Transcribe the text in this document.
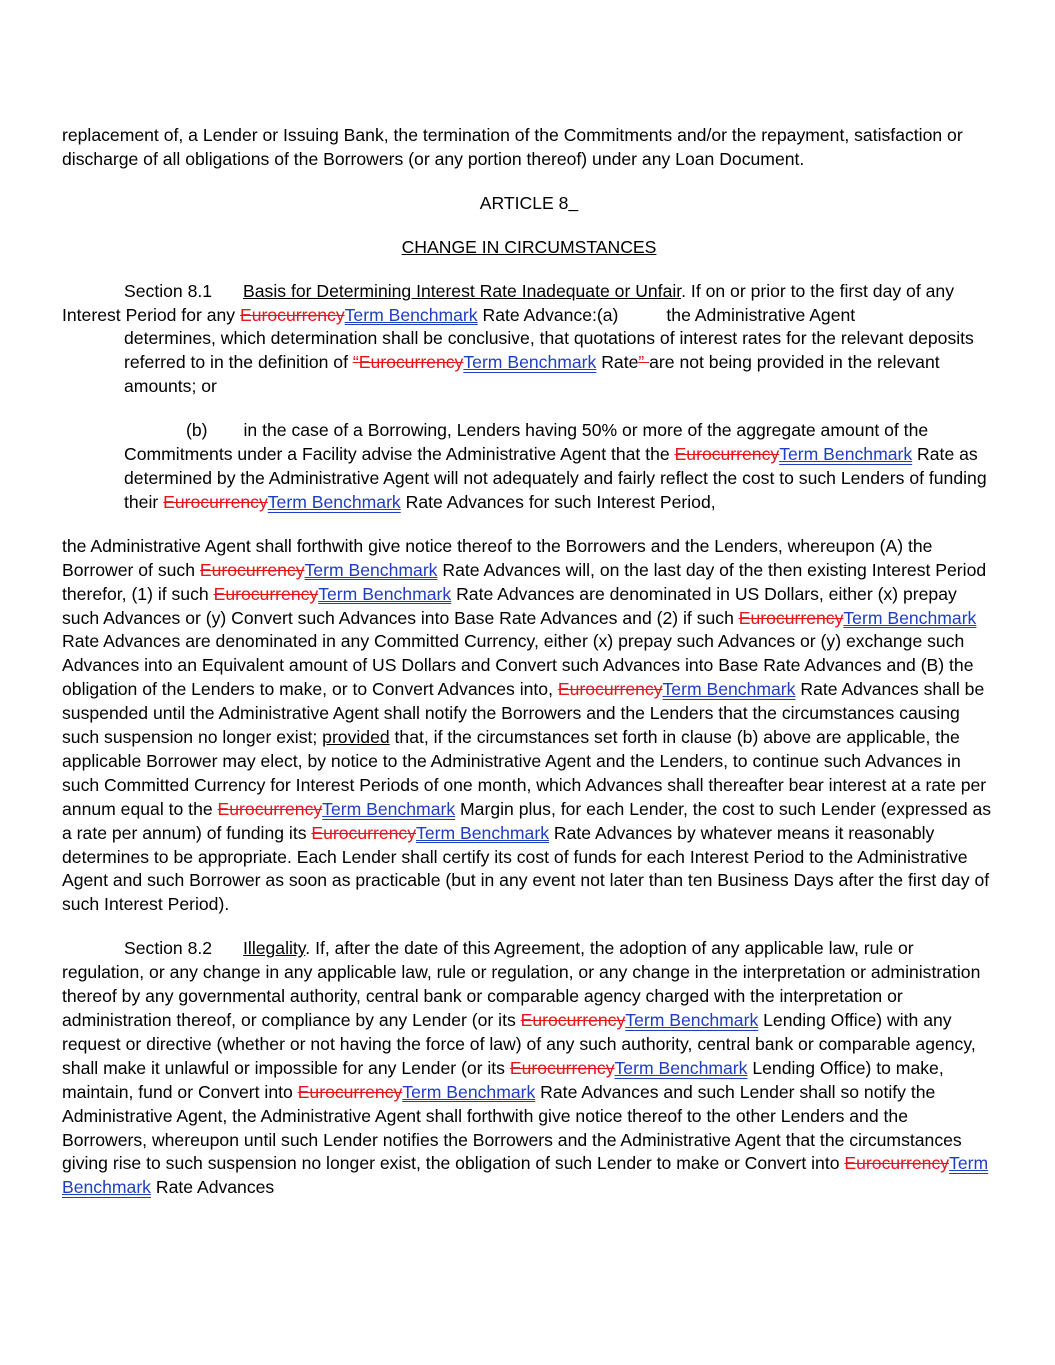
replacement of, a Lender or Issuing Bank, the termination of the Commitments and/or the repayment, satisfaction or discharge of all obligations of the Borrowers (or any portion thereof) under any Loan Document.

ARTICLE 8_

CHANGE IN CIRCUMSTANCES

Section 8.1 Basis for Determining Interest Rate Inadequate or Unfair. If on or prior to the first day of any Interest Period for any EurocurrencyTerm Benchmark Rate Advance:(a)	the Administrative Agent

determines, which determination shall be conclusive, that quotations of interest rates for the relevant deposits referred to in the definition of “EurocurrencyTerm Benchmark Rate” are not being provided in the relevant amounts; or

(b) in the case of a Borrowing, Lenders having 50% or more of the aggregate amount of the Commitments under a Facility advise the Administrative Agent that the EurocurrencyTerm Benchmark Rate as determined by the Administrative Agent will not adequately and fairly reflect the cost to such Lenders of funding their EurocurrencyTerm Benchmark Rate Advances for such Interest Period,

the Administrative Agent shall forthwith give notice thereof to the Borrowers and the Lenders, whereupon (A) the Borrower of such EurocurrencyTerm Benchmark Rate Advances will, on the last day of the then existing Interest Period therefor, (1) if such EurocurrencyTerm Benchmark Rate Advances are denominated in US Dollars, either (x) prepay such Advances or (y) Convert such Advances into Base Rate Advances and (2) if such EurocurrencyTerm Benchmark Rate Advances are denominated in any Committed Currency, either (x) prepay such Advances or (y) exchange such Advances into an Equivalent amount of US Dollars and Convert such Advances into Base Rate Advances and (B) the obligation of the Lenders to make, or to Convert Advances into, EurocurrencyTerm Benchmark Rate Advances shall be suspended until the Administrative Agent shall notify the Borrowers and the Lenders that the circumstances causing such suspension no longer exist; provided that, if the circumstances set forth in clause (b) above are applicable, the applicable Borrower may elect, by notice to the Administrative Agent and the Lenders, to continue such Advances in such Committed Currency for Interest Periods of one month, which Advances shall thereafter bear interest at a rate per annum equal to the EurocurrencyTerm Benchmark Margin plus, for each Lender, the cost to such Lender (expressed as a rate per annum) of funding its EurocurrencyTerm Benchmark Rate Advances by whatever means it reasonably determines to be appropriate. Each Lender shall certify its cost of funds for each Interest Period to the Administrative Agent and such Borrower as soon as practicable (but in any event not later than ten Business Days after the first day of such Interest Period).

Section 8.2 Illegality. If, after the date of this Agreement, the adoption of any applicable law, rule or regulation, or any change in any applicable law, rule or regulation, or any change in the interpretation or administration thereof by any governmental authority, central bank or comparable agency charged with the interpretation or administration thereof, or compliance by any Lender (or its EurocurrencyTerm Benchmark Lending Office) with any request or directive (whether or not having the force of law) of any such authority, central bank or comparable agency, shall make it unlawful or impossible for any Lender (or its EurocurrencyTerm Benchmark Lending Office) to make, maintain, fund or Convert into EurocurrencyTerm Benchmark Rate Advances and such Lender shall so notify the Administrative Agent, the Administrative Agent shall forthwith give notice thereof to the other Lenders and the Borrowers, whereupon until such Lender notifies the Borrowers and the Administrative Agent that the circumstances giving rise to such suspension no longer exist, the obligation of such Lender to make or Convert into EurocurrencyTerm Benchmark Rate Advances
